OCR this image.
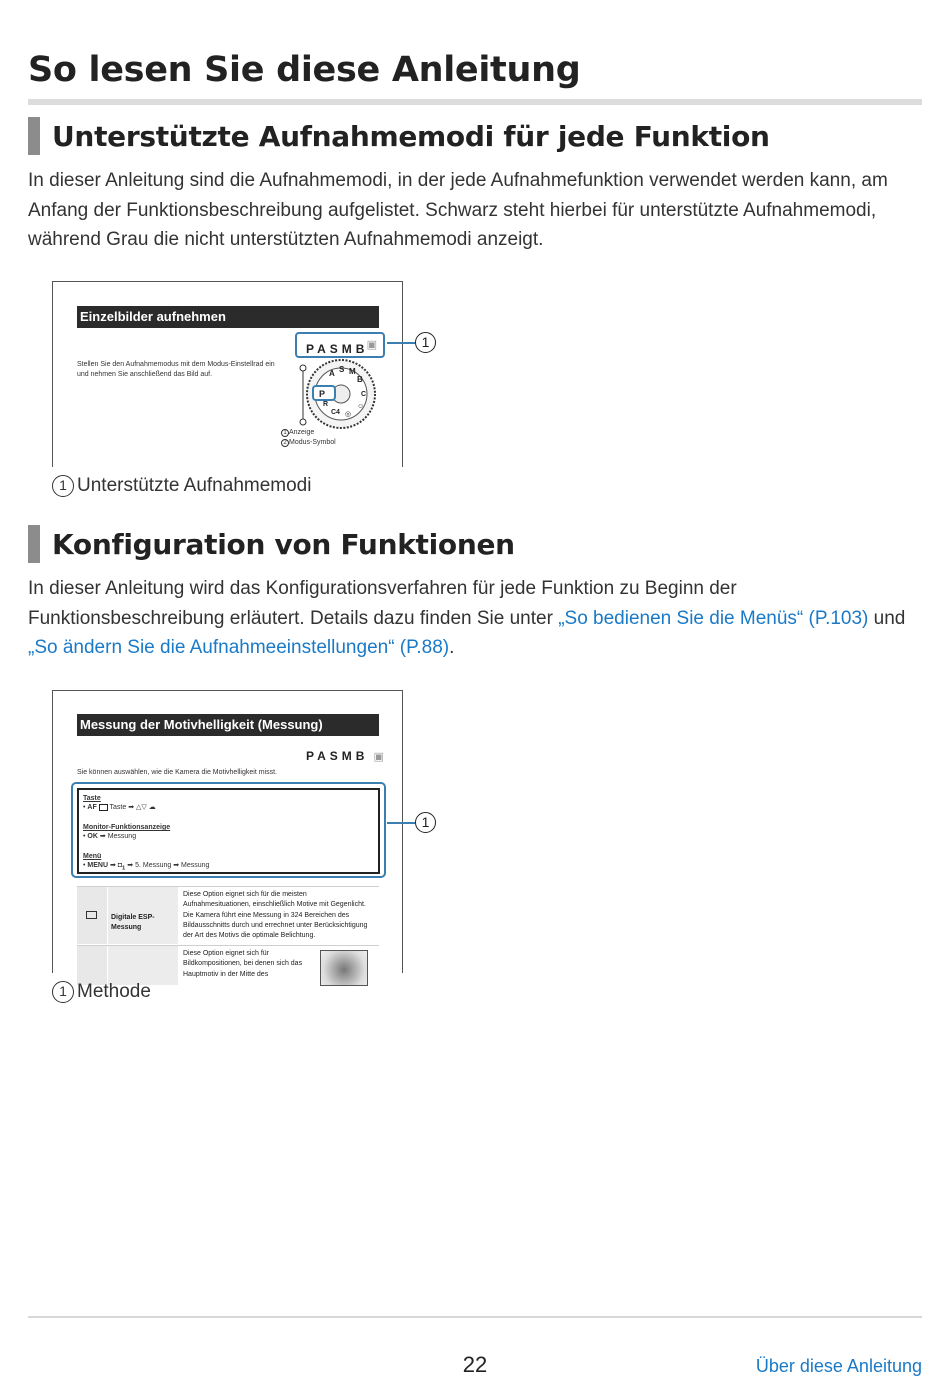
So lesen Sie diese Anleitung
Unterstützte Aufnahmemodi für jede Funktion
In dieser Anleitung sind die Aufnahmemodi, in der jede Aufnahmefunktion verwendet werden kann, am Anfang der Funktionsbeschreibung aufgelistet. Schwarz steht hierbei für unterstützte Aufnahmemodi, während Grau die nicht unterstützten Aufnahmemodi anzeigt.
Einzelbilder aufnehmen
PASMB
▣
Stellen Sie den Aufnahmemodus mit dem Modus-Einstellrad ein
und nehmen Sie anschließend das Bild auf.	A S M
B
C
☺
◎
C4
R
P
1 Anzeige
2 Modus-Symbol
1
1 Unterstützte Aufnahmemodi
Konfiguration von Funktionen
In dieser Anleitung wird das Konfigurationsverfahren für jede Funktion zu Beginn der Funktionsbeschreibung erläutert. Details dazu finden Sie unter „So bedienen Sie die Menüs“ (P.103) und „So ändern Sie die Aufnahmeeinstellungen“ (P.88).
Messung der Motivhelligkeit (Messung)
PASMB ▣
Sie können auswählen, wie die Kamera die Motivhelligkeit misst.
Taste
• AF Taste ➡ △▽ ☁
Monitor-Funktionsanzeige
• OK ➡ Messung
Menü
• MENU ➡ $◘_1$ ➡ 5. Messung ➡ Messung
Digitale ESP-Messung
Diese Option eignet sich für die meisten Aufnahmesituationen, einschließlich Motive mit Gegenlicht. Die Kamera führt eine Messung in 324 Bereichen des Bildausschnitts durch und errechnet unter Berücksichtigung der Art des Motivs die optimale Belichtung.
Diese Option eignet sich für Bildkompositionen, bei denen sich das Hauptmotiv in der Mitte des
1
1 Methode
22	Über diese Anleitung
